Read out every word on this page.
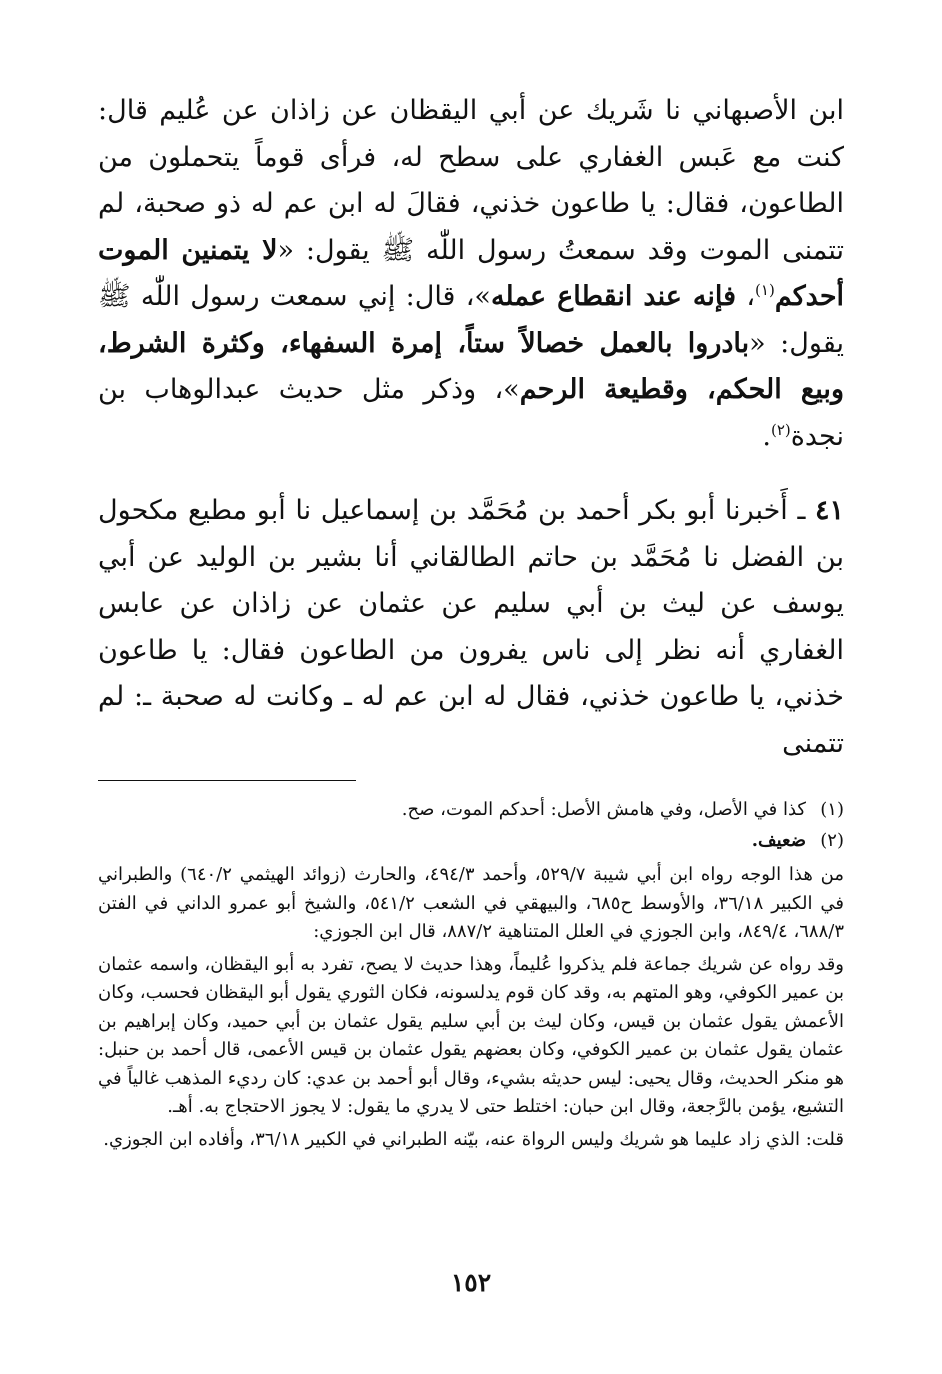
ابن الأصبهاني نا شَريك عن أبي اليقظان عن زاذان عن عُليم قال: كنت مع عَبس الغفاري على سطح له، فرأى قوماً يتحملون من الطاعون، فقال: يا طاعون خذني، فقالَ له ابن عم له ذو صحبة، لم تتمنى الموت وقد سمعتُ رسول اللّٰه ﷺ يقول: «لا يتمنين الموت أحدكم$^{(١)}$، فإنه عند انقطاع عمله»، قال: إني سمعت رسول اللّٰه ﷺ يقول: «بادروا بالعمل خصالاً ستاً، إمرة السفهاء، وكثرة الشرط، وبيع الحكم، وقطيعة الرحم»، وذكر مثل حديث عبدالوهاب بن نجدة$^{(٢)}$.

٤١ ـ أَخبرنا أبو بكر أحمد بن مُحَمَّد بن إسماعيل نا أبو مطيع مكحول بن الفضل نا مُحَمَّد بن حاتم الطالقاني أنا بشير بن الوليد عن أبي يوسف عن ليث بن أبي سليم عن عثمان عن زاذان عن عابس الغفاري أنه نظر إلى ناس يفرون من الطاعون فقال: يا طاعون خذني، يا طاعون خذني، فقال له ابن عم له ـ وكانت له صحبة ـ: لم تتمنى

(١)
كذا في الأصل، وفي هامش الأصل: أحدكم الموت، صح.
(٢)
ضعيف.
من هذا الوجه رواه ابن أبي شيبة ٥٢٩/٧، وأحمد ٤٩٤/٣، والحارث (زوائد الهيثمي ٦٤٠/٢) والطبراني في الكبير ٣٦/١٨، والأوسط ح٦٨٥، والبيهقي في الشعب ٥٤١/٢، والشيخ أبو عمرو الداني في الفتن ٦٨٨/٣، ٨٤٩/٤، وابن الجوزي في العلل المتناهية ٨٨٧/٢، قال ابن الجوزي:
وقد رواه عن شريك جماعة فلم يذكروا عُليماً، وهذا حديث لا يصح، تفرد به أبو اليقظان، واسمه عثمان بن عمير الكوفي، وهو المتهم به، وقد كان قوم يدلسونه، فكان الثوري يقول أبو اليقظان فحسب، وكان الأعمش يقول عثمان بن قيس، وكان ليث بن أبي سليم يقول عثمان بن أبي حميد، وكان إبراهيم بن عثمان يقول عثمان بن عمير الكوفي، وكان بعضهم يقول عثمان بن قيس الأعمى، قال أحمد بن حنبل: هو منكر الحديث، وقال يحيى: ليس حديثه بشيء، وقال أبو أحمد بن عدي: كان رديء المذهب غالياً في التشيع، يؤمن بالرَّجعة، وقال ابن حبان: اختلط حتى لا يدري ما يقول: لا يجوز الاحتجاج به. أهـ.
قلت: الذي زاد عليما هو شريك وليس الرواة عنه، بيّنه الطبراني في الكبير ٣٦/١٨، وأفاده ابن الجوزي.
١٥٢
